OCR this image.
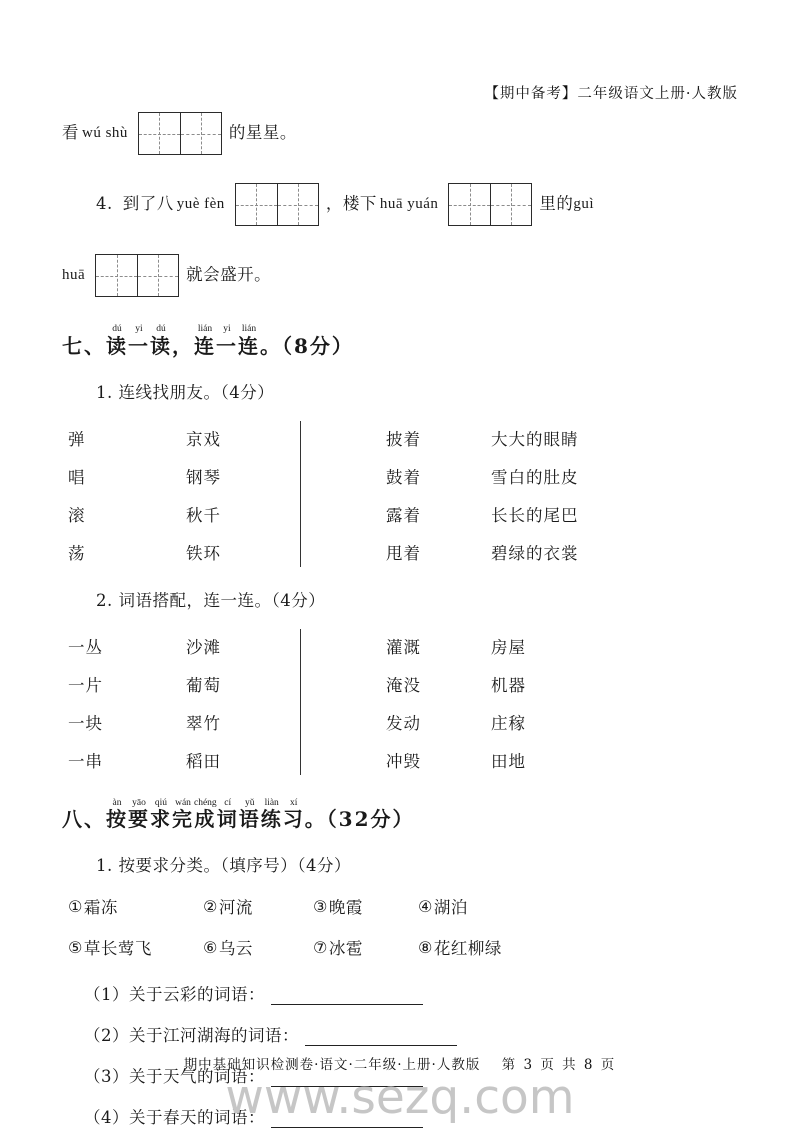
【期中备考】二年级语文上册·人教版
看 wú shù	的星星。
4. 到了八 yuè fèn	，楼下 huā yuán	里的 guì
huā	就会盛开。
七、
dú
读
yi
一
dú
读 ，
lián
连
yi
一
lián
连 。（8分）
1. 连线找朋友。（4分）
弹	京戏	披着	大大的眼睛
唱	钢琴	鼓着	雪白的肚皮
滚	秋千	露着	长长的尾巴
荡	铁环	甩着	碧绿的衣裳
2. 词语搭配，连一连。（4分）
一丛	沙滩	灌溉	房屋
一片	葡萄	淹没	机器
一块	翠竹	发动	庄稼
一串	稻田	冲毁	田地
八、
àn
按
yāo
要
qiú
求
wán
完
chéng
成
cí
词
yǔ
语
liàn
练
xí
习 。（32分）
1. 按要求分类。（填序号）（4分）
① 霜冻	② 河流	③ 晚霞	④ 湖泊
⑤ 草长莺飞	⑥ 乌云	⑦ 冰雹	⑧ 花红柳绿
（1）关于云彩的词语：
（2）关于江河湖海的词语：
（3）关于天气的词语：
（4）关于春天的词语：
期中基础知识检测卷·语文·二年级·上册·人教版 第 3 页 共 8 页
www.sezq.com
